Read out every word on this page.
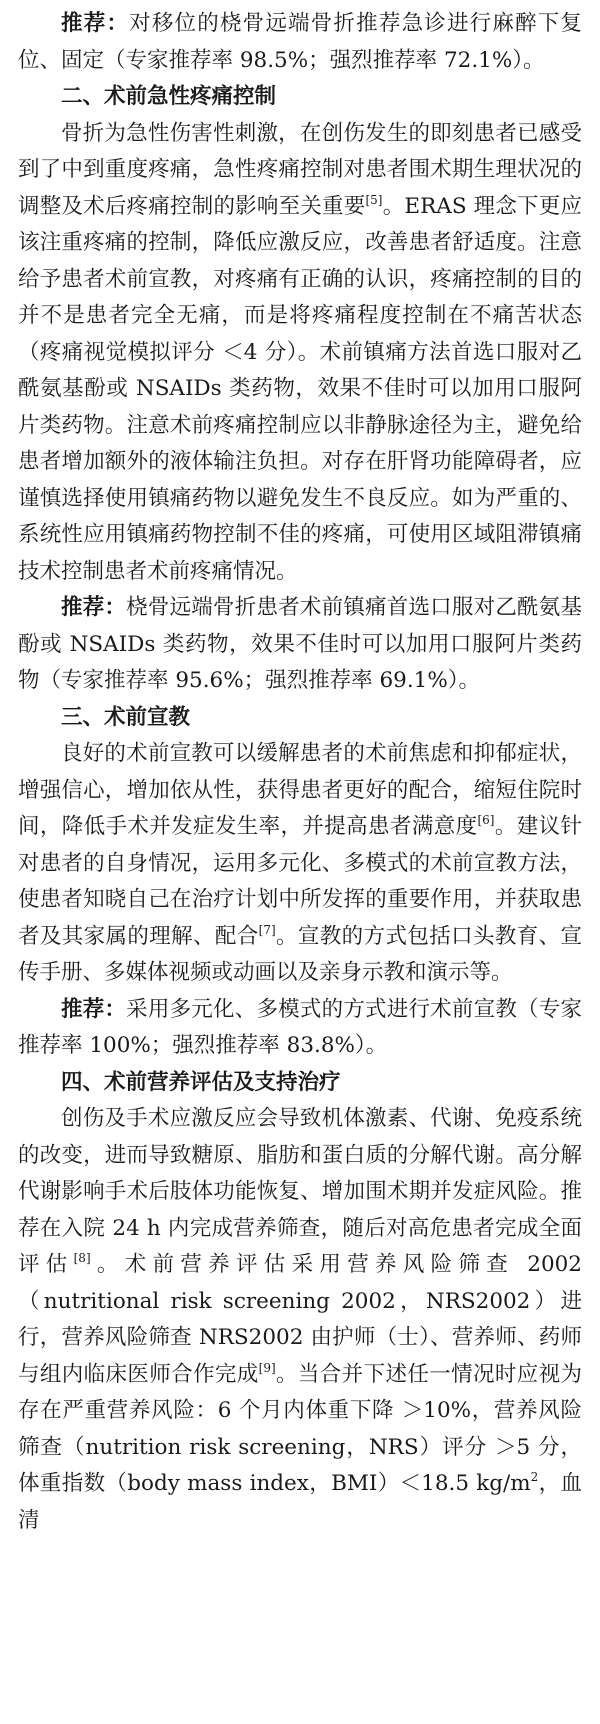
推荐：对移位的桡骨远端骨折推荐急诊进行麻醉下复位、固定（专家推荐率 98.5%；强烈推荐率 72.1%）。

二、术前急性疼痛控制

骨折为急性伤害性刺激，在创伤发生的即刻患者已感受到了中到重度疼痛，急性疼痛控制对患者围术期生理状况的调整及术后疼痛控制的影响至关重要[5]。ERAS 理念下更应该注重疼痛的控制，降低应激反应，改善患者舒适度。注意给予患者术前宣教，对疼痛有正确的认识，疼痛控制的目的并不是患者完全无痛，而是将疼痛程度控制在不痛苦状态（疼痛视觉模拟评分 ＜4 分）。术前镇痛方法首选口服对乙酰氨基酚或 NSAIDs 类药物，效果不佳时可以加用口服阿片类药物。注意术前疼痛控制应以非静脉途径为主，避免给患者增加额外的液体输注负担。对存在肝肾功能障碍者，应谨慎选择使用镇痛药物以避免发生不良反应。如为严重的、系统性应用镇痛药物控制不佳的疼痛，可使用区域阻滞镇痛技术控制患者术前疼痛情况。

推荐：桡骨远端骨折患者术前镇痛首选口服对乙酰氨基酚或 NSAIDs 类药物，效果不佳时可以加用口服阿片类药物（专家推荐率 95.6%；强烈推荐率 69.1%）。

三、术前宣教

良好的术前宣教可以缓解患者的术前焦虑和抑郁症状，增强信心，增加依从性，获得患者更好的配合，缩短住院时间，降低手术并发症发生率，并提高患者满意度[6]。建议针对患者的自身情况，运用多元化、多模式的术前宣教方法，使患者知晓自己在治疗计划中所发挥的重要作用，并获取患者及其家属的理解、配合[7]。宣教的方式包括口头教育、宣传手册、多媒体视频或动画以及亲身示教和演示等。

推荐：采用多元化、多模式的方式进行术前宣教（专家推荐率 100%；强烈推荐率 83.8%）。

四、术前营养评估及支持治疗

创伤及手术应激反应会导致机体激素、代谢、免疫系统的改变，进而导致糖原、脂肪和蛋白质的分解代谢。高分解代谢影响手术后肢体功能恢复、增加围术期并发症风险。推荐在入院 24 h 内完成营养筛查，随后对高危患者完成全面评估[8]。术前营养评估采用营养风险筛查 2002（nutritional risk screening 2002，NRS2002）进行，营养风险筛查 NRS2002 由护师（士）、营养师、药师与组内临床医师合作完成[9]。当合并下述任一情况时应视为存在严重营养风险：6 个月内体重下降 ＞10%，营养风险筛查（nutrition risk screening，NRS）评分 ＞5 分，体重指数（body mass index，BMI）＜18.5 $kg/m^2$，血清
